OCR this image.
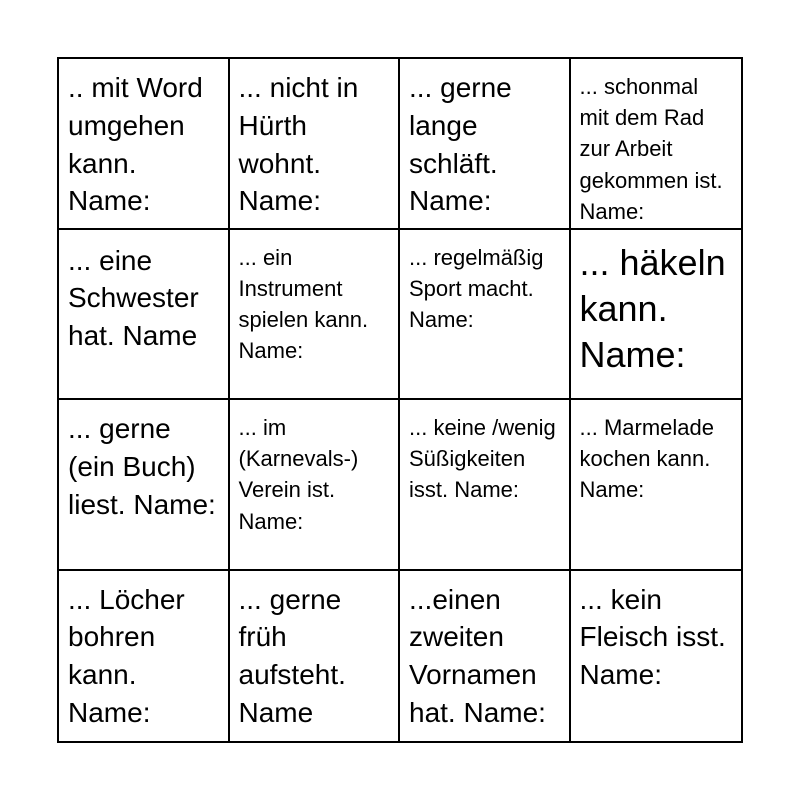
.. mit Word umgehen kann. Name:
... nicht in Hürth wohnt. Name:
... gerne lange schläft. Name:
... schonmal mit dem Rad zur Arbeit gekommen ist. Name:
... eine Schwester hat. Name
... ein Instrument spielen kann. Name:
... regelmäßig Sport macht. Name:
... häkeln kann. Name:
... gerne (ein Buch) liest. Name:
... im (Karnevals-) Verein ist. Name:
... keine /wenig Süßigkeiten isst. Name:
... Marmelade kochen kann. Name:
... Löcher bohren kann. Name:
... gerne früh aufsteht. Name
...einen zweiten Vornamen hat. Name:
... kein Fleisch isst. Name:
